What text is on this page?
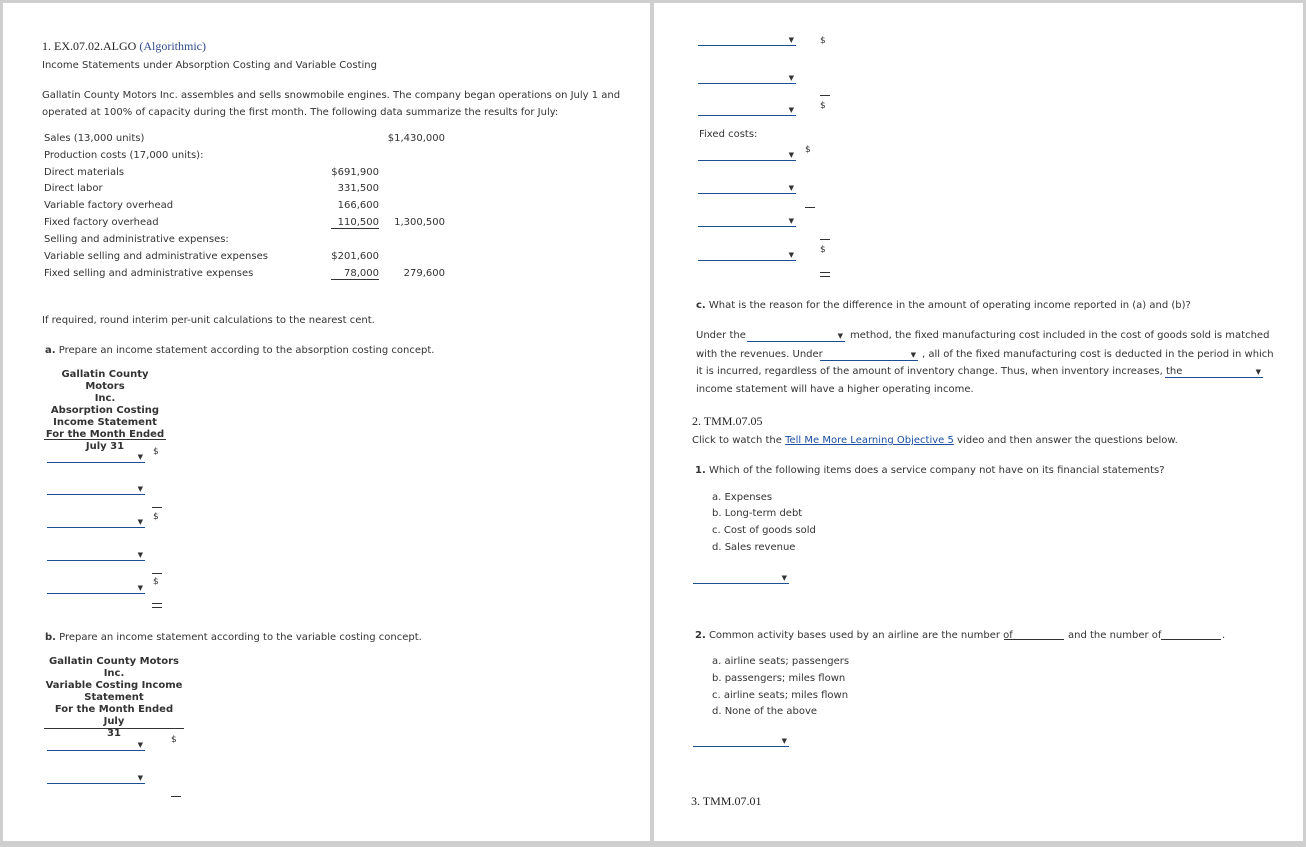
1. EX.07.02.ALGO (Algorithmic)
Income Statements under Absorption Costing and Variable Costing
Gallatin County Motors Inc. assembles and sells snowmobile engines. The company began operations on July 1 and
operated at 100% of capacity during the first month. The following data summarize the results for July:
Sales (13,000 units)	$1,430,000
Production costs (17,000 units):
Direct materials	$691,900
Direct labor	331,500
Variable factory overhead	166,600
Fixed factory overhead	110,500	1,300,500
Selling and administrative expenses:
Variable selling and administrative expenses	$201,600
Fixed selling and administrative expenses	78,000	279,600
If required, round interim per-unit calculations to the nearest cent.
a. Prepare an income statement according to the absorption costing concept.
Gallatin County Motors
Inc.
Absorption Costing
Income Statement
For the Month Ended
July 31
▼ $
▼
▼ $
▼
▼
$
b. Prepare an income statement according to the variable costing concept.
Gallatin County Motors
Inc.
Variable Costing Income
Statement
For the Month Ended July
31
▼	$
▼
▼	$
▼
▼	$
Fixed costs:
▼ $
▼
▼
▼	$
c. What is the reason for the difference in the amount of operating income reported in (a) and (b)?
Under the	▼ method, the fixed manufacturing cost included in the cost of goods sold is matched
with the revenues. Under	▼ , all of the fixed manufacturing cost is deducted in the period in which
it is incurred, regardless of the amount of inventory change. Thus, when inventory increases, the	▼
income statement will have a higher operating income.
2. TMM.07.05
Click to watch the Tell Me More Learning Objective 5 video and then answer the questions below.
1. Which of the following items does a service company not have on its financial statements?
a. Expenses
b. Long-term debt
c. Cost of goods sold
d. Sales revenue
▼
2. Common activity bases used by an airline are the number of	and the number of	.
a. airline seats; passengers
b. passengers; miles flown
c. airline seats; miles flown
d. None of the above
▼
3. TMM.07.01
